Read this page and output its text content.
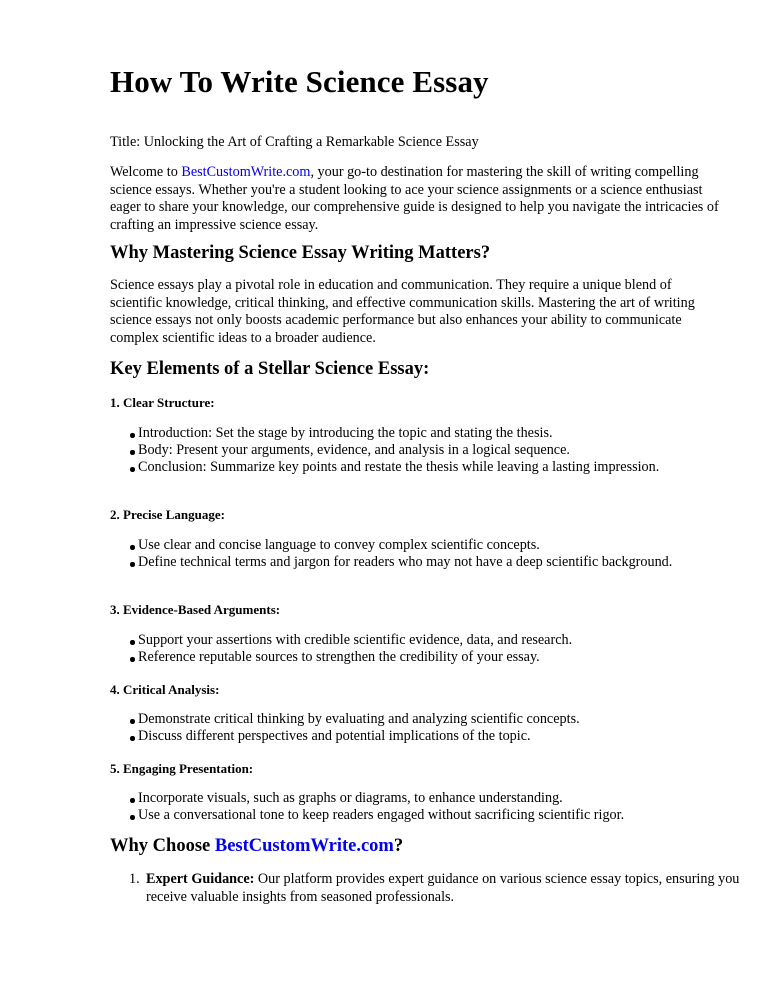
How To Write Science Essay

Title: Unlocking the Art of Crafting a Remarkable Science Essay

Welcome to BestCustomWrite.com, your go-to destination for mastering the skill of writing compelling science essays. Whether you're a student looking to ace your science assignments or a science enthusiast eager to share your knowledge, our comprehensive guide is designed to help you navigate the intricacies of crafting an impressive science essay.

Why Mastering Science Essay Writing Matters?

Science essays play a pivotal role in education and communication. They require a unique blend of scientific knowledge, critical thinking, and effective communication skills. Mastering the art of writing science essays not only boosts academic performance but also enhances your ability to communicate complex scientific ideas to a broader audience.

Key Elements of a Stellar Science Essay:
1. Clear Structure:
Introduction: Set the stage by introducing the topic and stating the thesis.
Body: Present your arguments, evidence, and analysis in a logical sequence.
Conclusion: Summarize key points and restate the thesis while leaving a lasting impression.
2. Precise Language:
Use clear and concise language to convey complex scientific concepts.
Define technical terms and jargon for readers who may not have a deep scientific background.
3. Evidence-Based Arguments:
Support your assertions with credible scientific evidence, data, and research.
Reference reputable sources to strengthen the credibility of your essay.
4. Critical Analysis:
Demonstrate critical thinking by evaluating and analyzing scientific concepts.
Discuss different perspectives and potential implications of the topic.
5. Engaging Presentation:
Incorporate visuals, such as graphs or diagrams, to enhance understanding.
Use a conversational tone to keep readers engaged without sacrificing scientific rigor.
Why Choose BestCustomWrite.com?
1. Expert Guidance: Our platform provides expert guidance on various science essay topics, ensuring you receive valuable insights from seasoned professionals.
